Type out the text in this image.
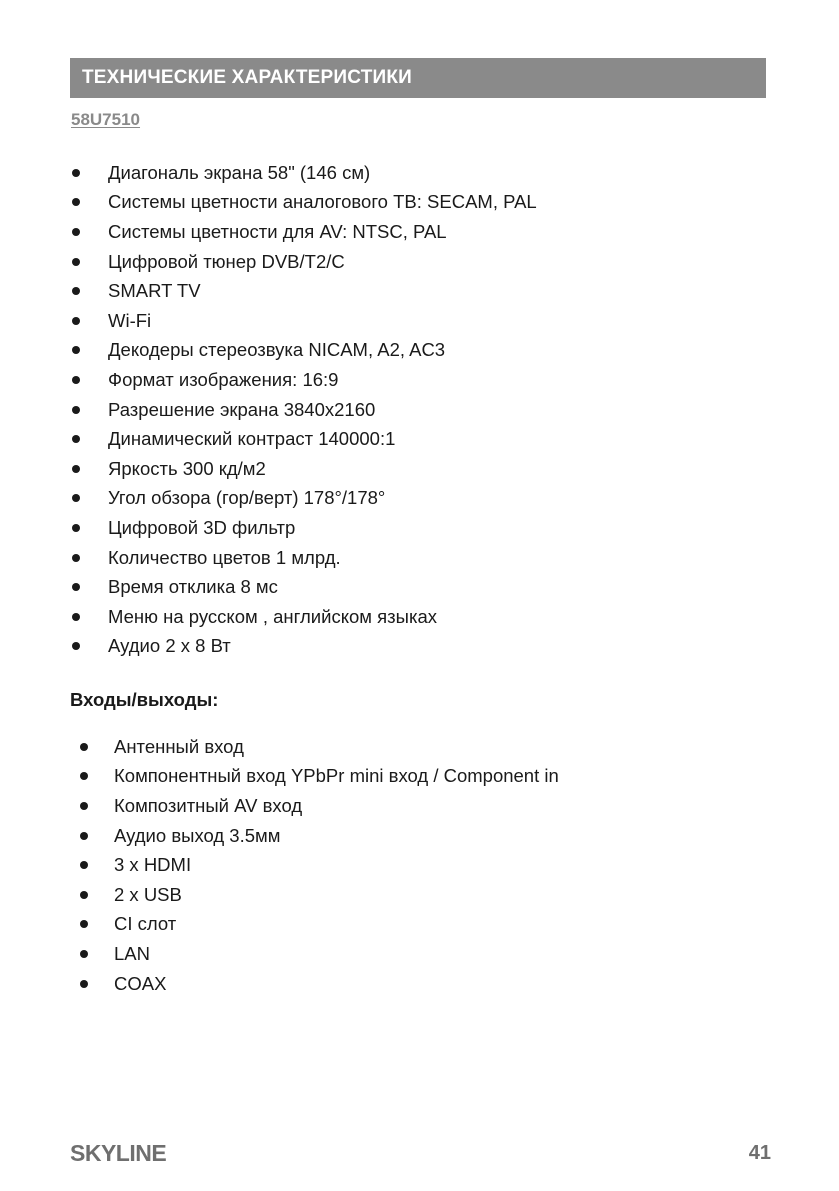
ТЕХНИЧЕСКИЕ ХАРАКТЕРИСТИКИ
58U7510
Диагональ экрана 58" (146 см)
Системы цветности аналогового ТВ: SECAM, PAL
Системы цветности для AV: NTSC, PAL
Цифровой тюнер DVB/T2/C
SMART TV
Wi-Fi
Декодеры стереозвука NICAM, A2, AC3
Формат изображения: 16:9
Разрешение экрана 3840х2160
Динамический контраст 140000:1
Яркость 300 кд/м2
Угол обзора (гор/верт) 178°/178°
Цифровой 3D фильтр
Количество цветов 1 млрд.
Время отклика 8 мс
Меню на русском , английском языках
Аудио 2 х 8 Вт
Входы/выходы:
Антенный вход
Компонентный вход YPbPr mini вход / Component in
Композитный AV вход
Аудио выход 3.5мм
3 х HDMI
2 х USB
CI слот
LAN
COAX
SKYLINE	41
